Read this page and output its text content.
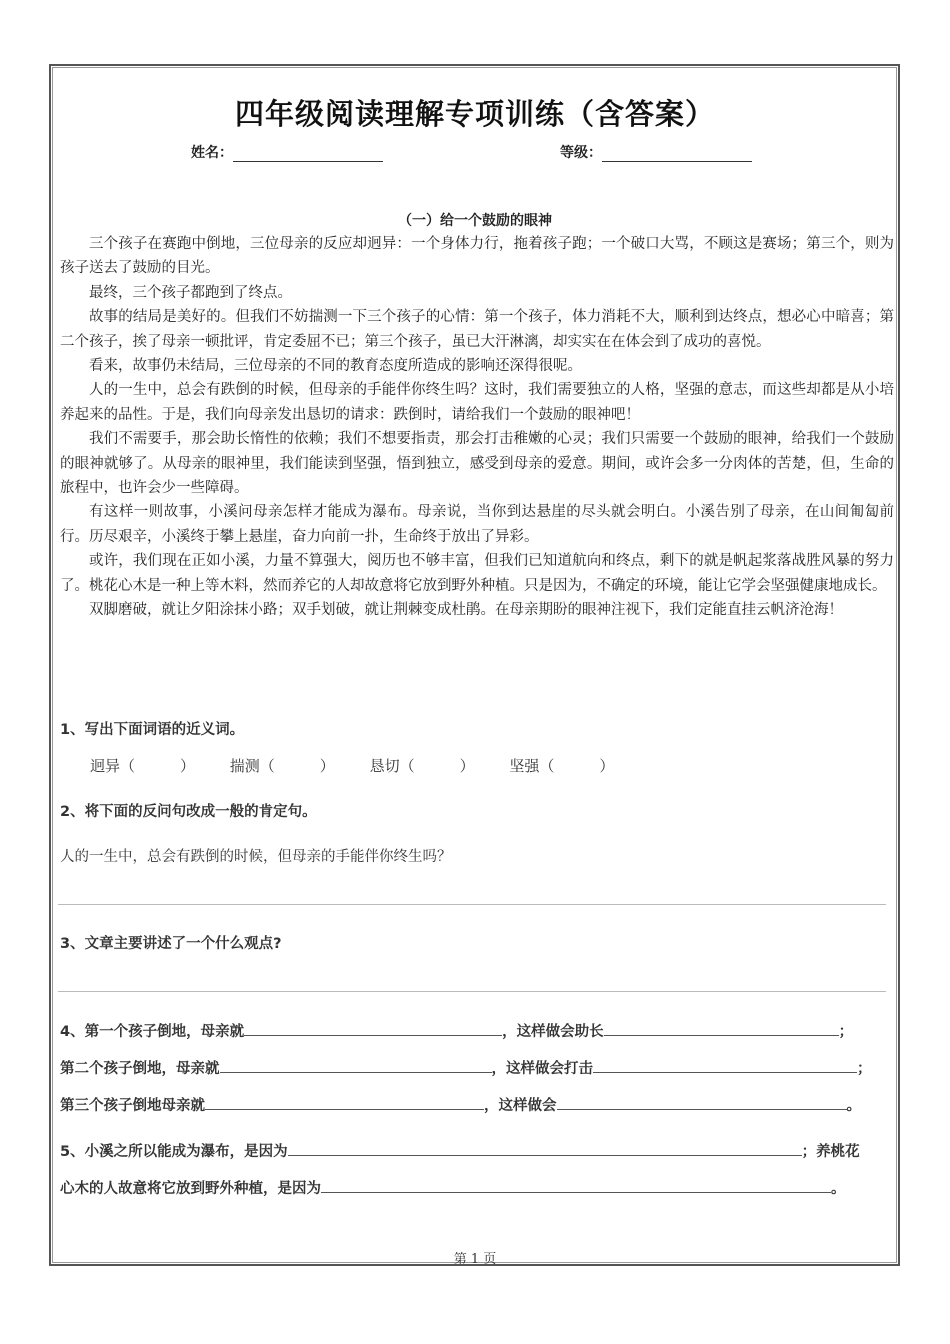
四年级阅读理解专项训练（含答案）
姓名：	等级：
（一）给一个鼓励的眼神

三个孩子在赛跑中倒地，三位母亲的反应却迥异：一个身体力行，拖着孩子跑；一个破口大骂，不顾这是赛场；第三个，则为孩子送去了鼓励的目光。

最终，三个孩子都跑到了终点。

故事的结局是美好的。但我们不妨揣测一下三个孩子的心情：第一个孩子，体力消耗不大，顺利到达终点，想必心中暗喜；第二个孩子，挨了母亲一顿批评，肯定委屈不已；第三个孩子，虽已大汗淋漓，却实实在在体会到了成功的喜悦。

看来，故事仍未结局，三位母亲的不同的教育态度所造成的影响还深得很呢。

人的一生中，总会有跌倒的时候，但母亲的手能伴你终生吗？这时，我们需要独立的人格，坚强的意志，而这些却都是从小培养起来的品性。于是，我们向母亲发出恳切的请求：跌倒时，请给我们一个鼓励的眼神吧！

我们不需要手，那会助长惰性的依赖；我们不想要指责，那会打击稚嫩的心灵；我们只需要一个鼓励的眼神，给我们一个鼓励的眼神就够了。从母亲的眼神里，我们能读到坚强，悟到独立，感受到母亲的爱意。期间，或许会多一分肉体的苦楚，但，生命的旅程中，也许会少一些障碍。

有这样一则故事，小溪问母亲怎样才能成为瀑布。母亲说，当你到达悬崖的尽头就会明白。小溪告别了母亲，在山间匍匐前行。历尽艰辛，小溪终于攀上悬崖，奋力向前一扑，生命终于放出了异彩。

或许，我们现在正如小溪，力量不算强大，阅历也不够丰富，但我们已知道航向和终点，剩下的就是帆起浆落战胜风暴的努力了。桃花心木是一种上等木料，然而养它的人却故意将它放到野外种植。只是因为，不确定的环境，能让它学会坚强健康地成长。

双脚磨破，就让夕阳涂抹小路；双手划破，就让荆棘变成杜鹃。在母亲期盼的眼神注视下，我们定能直挂云帆济沧海！

1、写出下面词语的近义词。
迥异（　　　） 揣测（　　　） 恳切（　　　） 坚强（　　　）
2、将下面的反问句改成一般的肯定句。
人的一生中，总会有跌倒的时候，但母亲的手能伴你终生吗？
3、文章主要讲述了一个什么观点?
4、第一个孩子倒地，母亲就	，这样做会助长	；
第二个孩子倒地，母亲就	，这样做会打击	；
第三个孩子倒地母亲就	，这样做会	。
5、小溪之所以能成为瀑布，是因为	；养桃花
心木的人故意将它放到野外种植，是因为	。
第 1 页
